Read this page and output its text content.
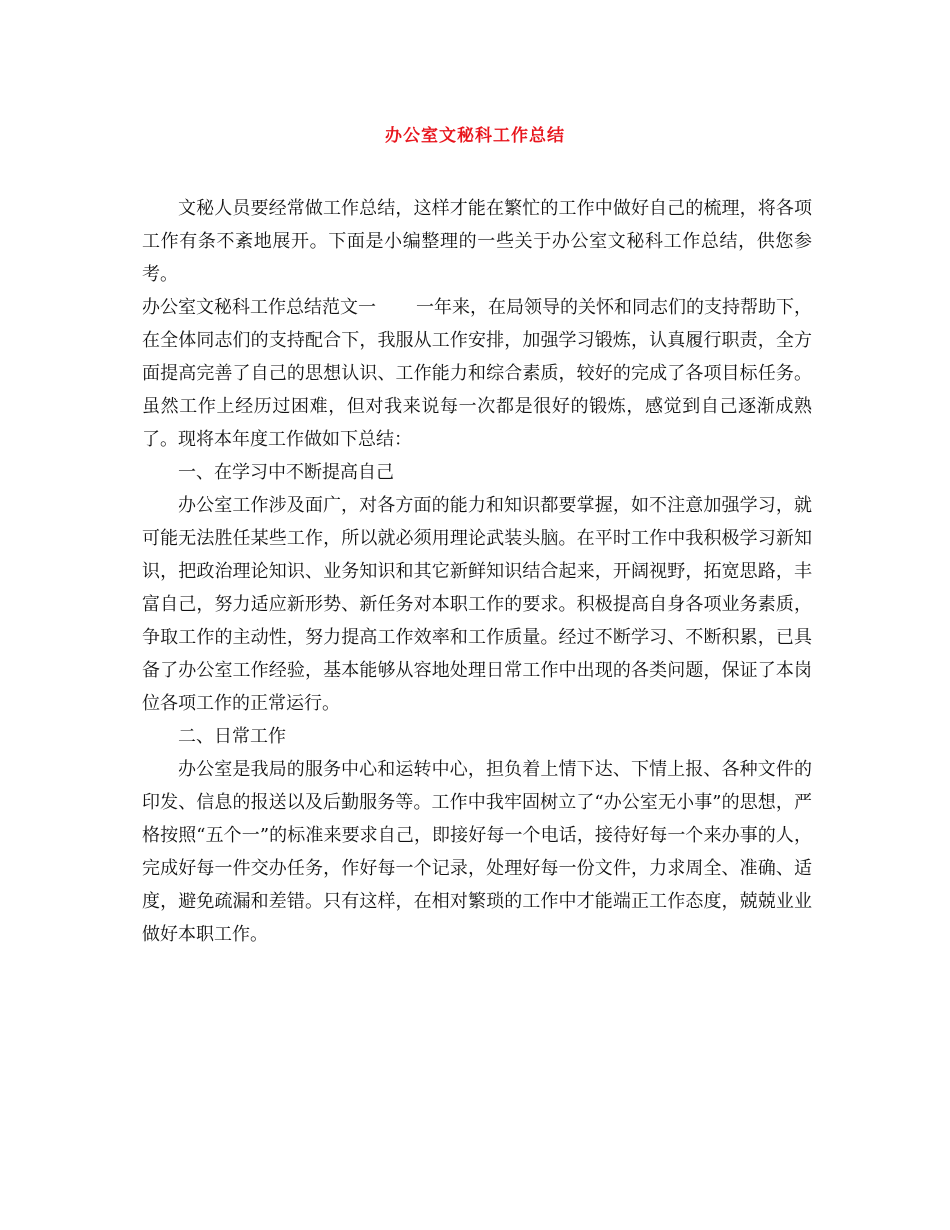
办公室文秘科工作总结

文秘人员要经常做工作总结，这样才能在繁忙的工作中做好自己的梳理，将各项工作有条不紊地展开。下面是小编整理的一些关于办公室文秘科工作总结，供您参考。

办公室文秘科工作总结范文一 一年来，在局领导的关怀和同志们的支持帮助下，在全体同志们的支持配合下，我服从工作安排，加强学习锻炼，认真履行职责，全方面提高完善了自己的思想认识、工作能力和综合素质，较好的完成了各项目标任务。虽然工作上经历过困难，但对我来说每一次都是很好的锻炼，感觉到自己逐渐成熟了。现将本年度工作做如下总结：

一、在学习中不断提高自己

办公室工作涉及面广，对各方面的能力和知识都要掌握，如不注意加强学习，就可能无法胜任某些工作，所以就必须用理论武装头脑。在平时工作中我积极学习新知识，把政治理论知识、业务知识和其它新鲜知识结合起来，开阔视野，拓宽思路，丰富自己，努力适应新形势、新任务对本职工作的要求。积极提高自身各项业务素质，争取工作的主动性，努力提高工作效率和工作质量。经过不断学习、不断积累，已具备了办公室工作经验，基本能够从容地处理日常工作中出现的各类问题，保证了本岗位各项工作的正常运行。

二、日常工作

办公室是我局的服务中心和运转中心，担负着上情下达、下情上报、各种文件的印发、信息的报送以及后勤服务等。工作中我牢固树立了“办公室无小事”的思想，严格按照“五个一”的标准来要求自己，即接好每一个电话，接待好每一个来办事的人，完成好每一件交办任务，作好每一个记录，处理好每一份文件，力求周全、准确、适度，避免疏漏和差错。只有这样，在相对繁琐的工作中才能端正工作态度，兢兢业业做好本职工作。
